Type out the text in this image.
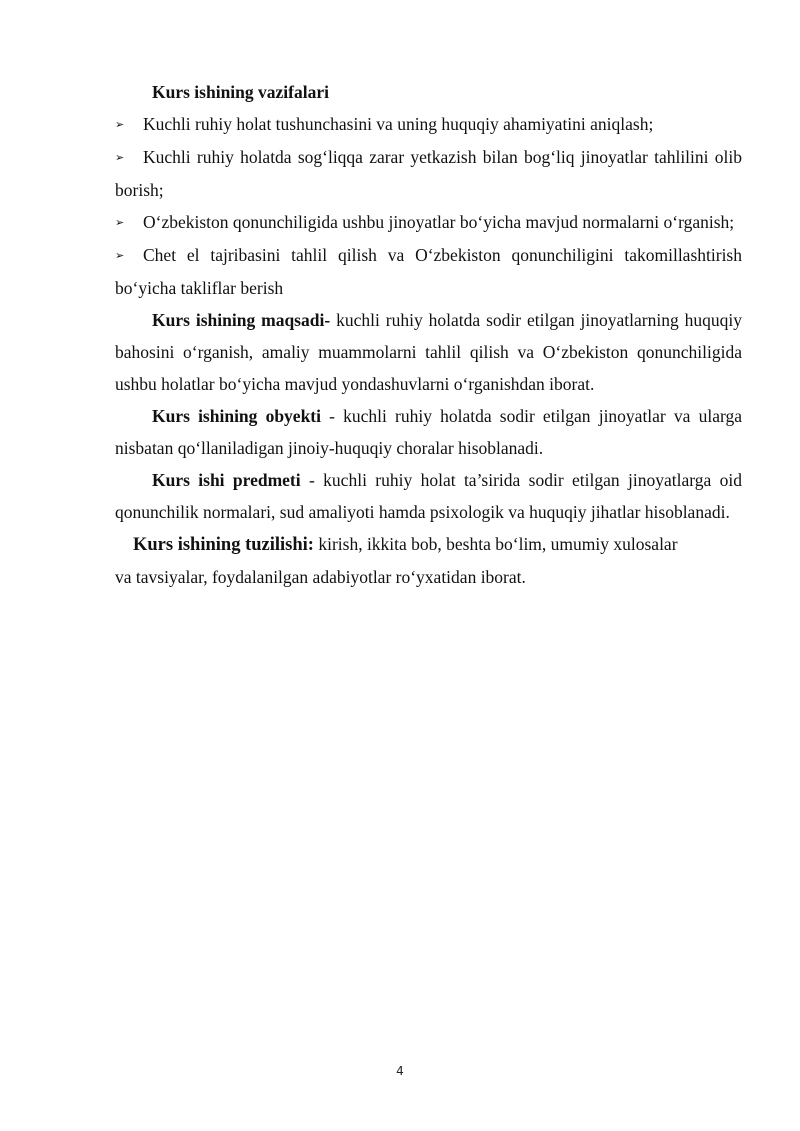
Kurs ishining vazifalari

➢ Kuchli ruhiy holat tushunchasini va uning huquqiy ahamiyatini aniqlash;

➢ Kuchli ruhiy holatda sog‘liqqa zarar yetkazish bilan bog‘liq jinoyatlar tahlilini olib borish;

➢ O‘zbekiston qonunchiligida ushbu jinoyatlar bo‘yicha mavjud normalarni o‘rganish;

➢ Chet el tajribasini tahlil qilish va O‘zbekiston qonunchiligini takomillashtirish bo‘yicha takliflar berish

Kurs ishining maqsadi- kuchli ruhiy holatda sodir etilgan jinoyatlarning huquqiy bahosini o‘rganish, amaliy muammolarni tahlil qilish va O‘zbekiston qonunchiligida ushbu holatlar bo‘yicha mavjud yondashuvlarni o‘rganishdan iborat.

Kurs ishining obyekti - kuchli ruhiy holatda sodir etilgan jinoyatlar va ularga nisbatan qo‘llaniladigan jinoiy-huquqiy choralar hisoblanadi.

Kurs ishi predmeti - kuchli ruhiy holat ta’sirida sodir etilgan jinoyatlarga oid qonunchilik normalari, sud amaliyoti hamda psixologik va huquqiy jihatlar hisoblanadi.

Kurs ishining tuzilishi: kirish, ikkita bob, beshta bo‘lim, umumiy xulosalar

va tavsiyalar, foydalanilgan adabiyotlar ro‘yxatidan iborat.

4
